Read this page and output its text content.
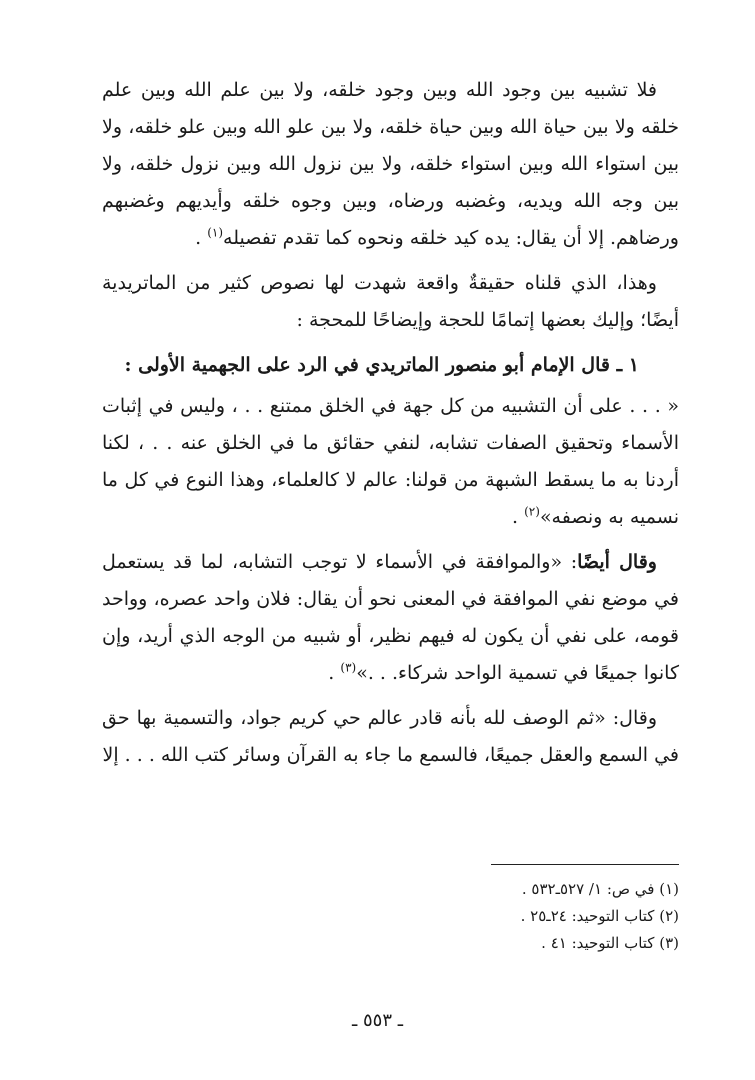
فلا تشبيه بين وجود الله وبين وجود خلقه، ولا بين علم الله وبين علم خلقه ولا بين حياة الله وبين حياة خلقه، ولا بين علو الله وبين علو خلقه، ولا بين استواء الله وبين استواء خلقه، ولا بين نزول الله وبين نزول خلقه، ولا بين وجه الله ويديه، وغضبه ورضاه، وبين وجوه خلقه وأيديهم وغضبهم ورضاهم. إلا أن يقال: يده كيد خلقه ونحوه كما تقدم تفصيله$^{(١)}$ .

وهذا، الذي قلناه حقيقةٌ واقعة شهدت لها نصوص كثير من الماتريدية أيضًا؛ وإليك بعضها إتمامًا للحجة وإيضاحًا للمحجة :

١ ـ قال الإمام أبو منصور الماتريدي في الرد على الجهمية الأولى :

« . . . على أن التشبيه من كل جهة في الخلق ممتنع . . ، وليس في إثبات الأسماء وتحقيق الصفات تشابه، لنفي حقائق ما في الخلق عنه . . ، لكنا أردنا به ما يسقط الشبهة من قولنا: عالم لا كالعلماء، وهذا النوع في كل ما نسميه به ونصفه»$^{(٢)}$ .

وقال أيضًا: «والموافقة في الأسماء لا توجب التشابه، لما قد يستعمل في موضع نفي الموافقة في المعنى نحو أن يقال: فلان واحد عصره، وواحد قومه، على نفي أن يكون له فيهم نظير، أو شبيه من الوجه الذي أريد، وإن كانوا جميعًا في تسمية الواحد شركاء. . .»$^{(٣)}$ .

وقال: «ثم الوصف لله بأنه قادر عالم حي كريم جواد، والتسمية بها حق في السمع والعقل جميعًا، فالسمع ما جاء به القرآن وسائر كتب الله . . . إلا

(١) في ص: ١/ ٥٢٧ـ٥٣٢ .

(٢) كتاب التوحيد: ٢٤ـ٢٥ .

(٣) كتاب التوحيد: ٤١ .

ـ ٥٥٣ ـ
